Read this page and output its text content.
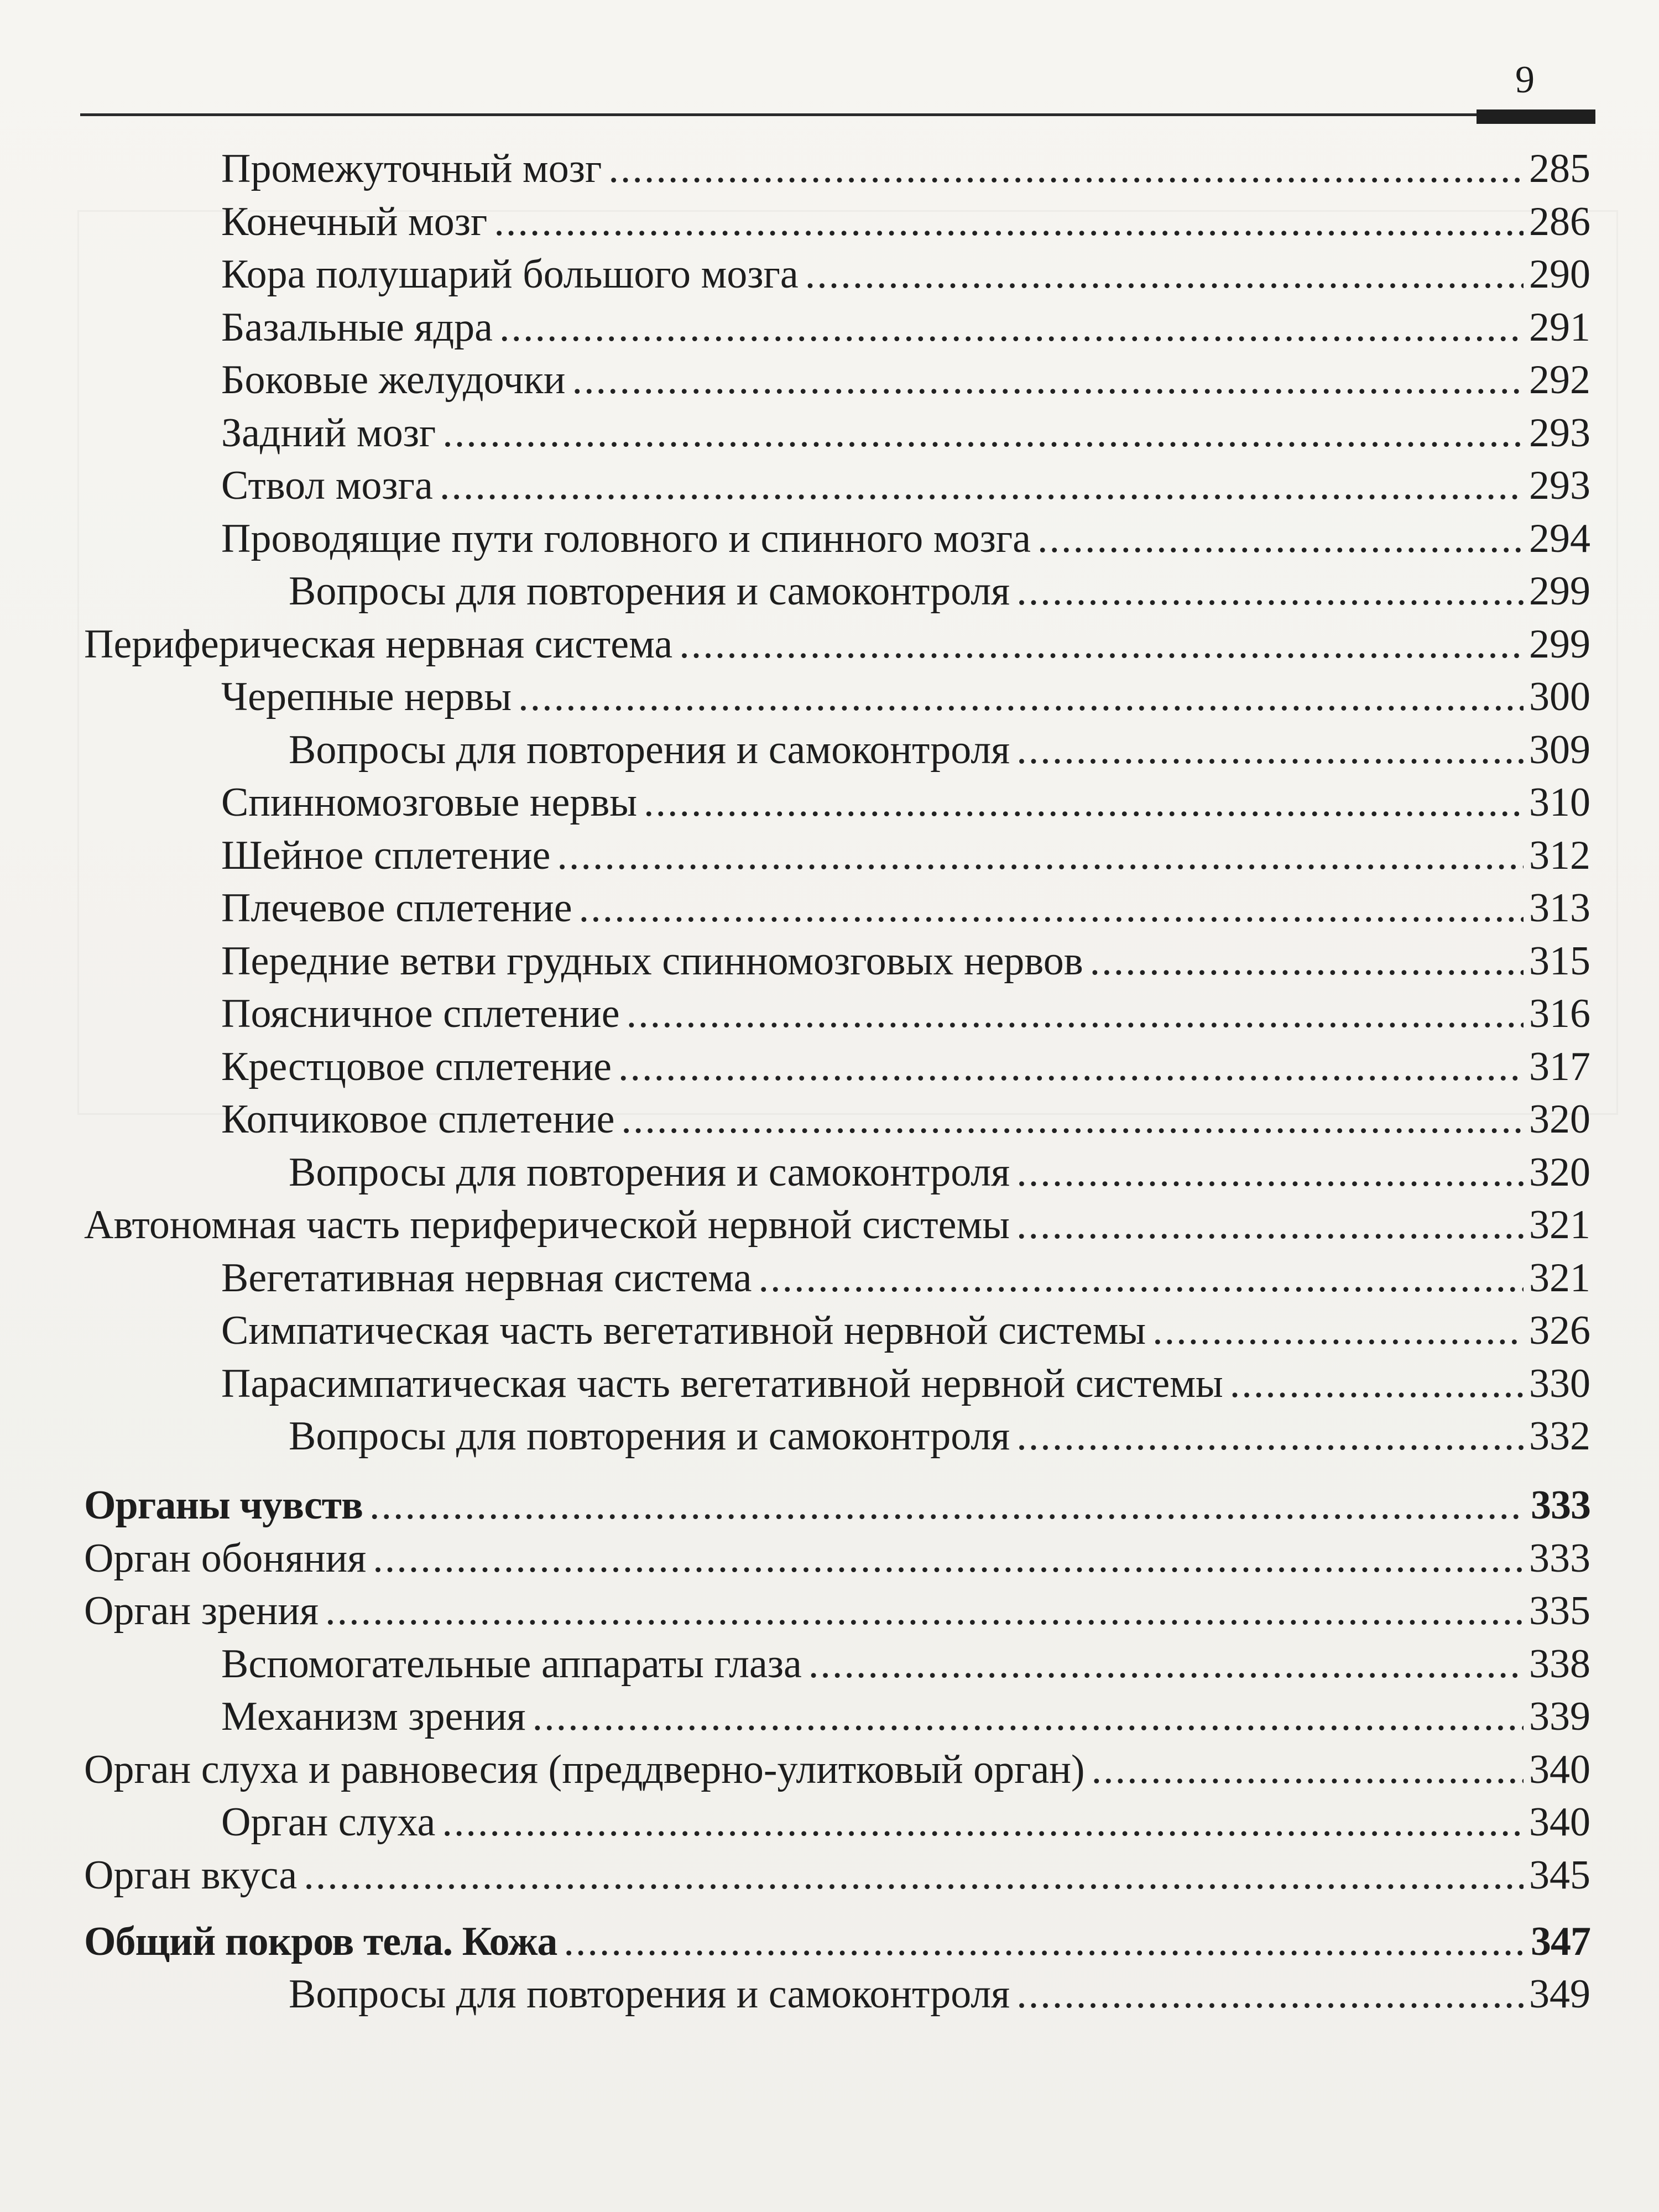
9
Промежуточный мозг .....	285
Конечный мозг .....	286
Кора полушарий большого мозга .....	290
Базальные ядра .....	291
Боковые желудочки .....	292
Задний мозг .....	293
Ствол мозга .....	293
Проводящие пути головного и спинного мозга .....	294
Вопросы для повторения и самоконтроля .....	299
Периферическая нервная система .....	299
Черепные нервы .....	300
Вопросы для повторения и самоконтроля .....	309
Спинномозговые нервы .....	310
Шейное сплетение .....	312
Плечевое сплетение .....	313
Передние ветви грудных спинномозговых нервов .....	315
Поясничное сплетение .....	316
Крестцовое сплетение .....	317
Копчиковое сплетение .....	320
Вопросы для повторения и самоконтроля .....	320
Автономная часть периферической нервной системы .....	321
Вегетативная нервная система .....	321
Симпатическая часть вегетативной нервной системы .....	326
Парасимпатическая часть вегетативной нервной системы .....	330
Вопросы для повторения и самоконтроля .....	332
Органы чувств .....	333
Орган обоняния .....	333
Орган зрения .....	335
Вспомогательные аппараты глаза .....	338
Механизм зрения .....	339
Орган слуха и равновесия (преддверно-улитковый орган) .....	340
Орган слуха .....	340
Орган вкуса .....	345
Общий покров тела. Кожа .....	347
Вопросы для повторения и самоконтроля .....	349
